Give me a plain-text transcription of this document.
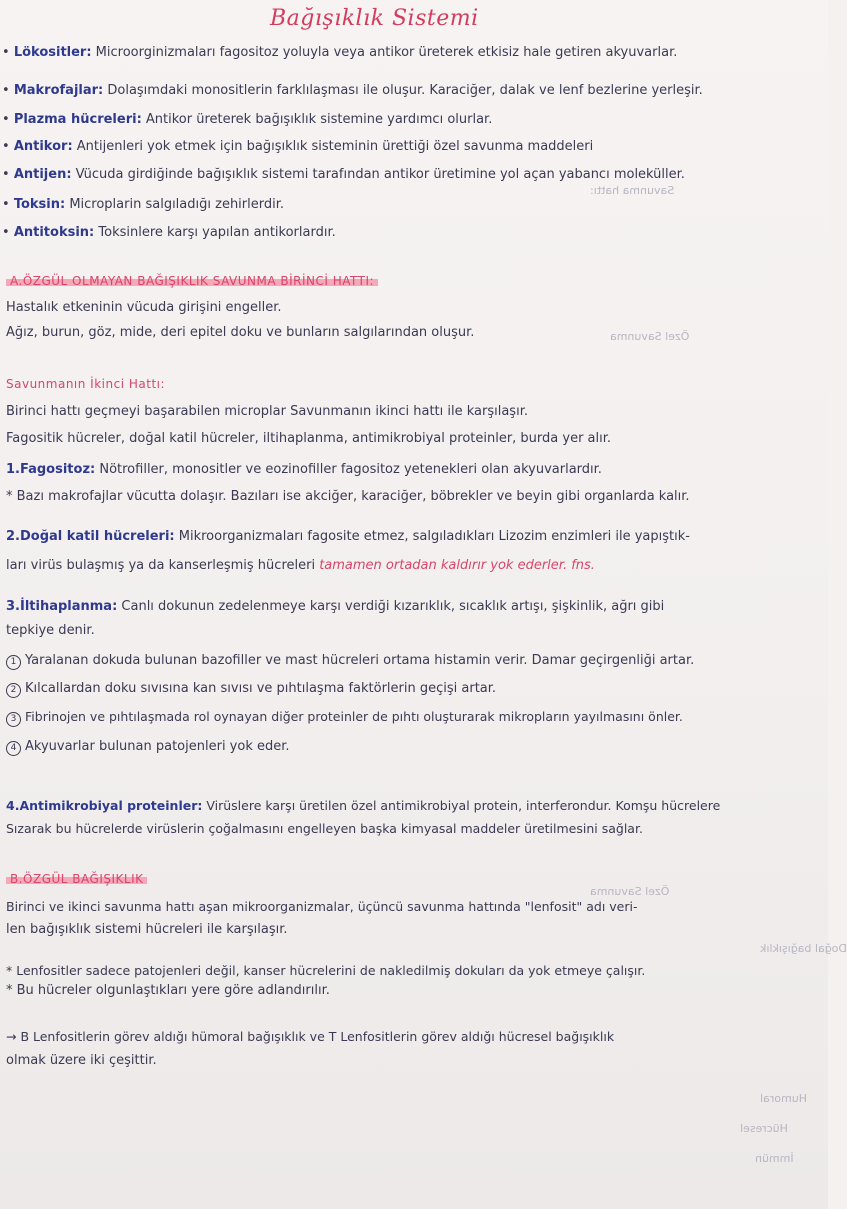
Bağışıklık Sistemi
• Lökositler: Microorginizmaları fagositoz yoluyla veya antikor üreterek etkisiz hale getiren akyuvarlar.
• Makrofajlar: Dolaşımdaki monositlerin farklılaşması ile oluşur. Karaciğer, dalak ve lenf bezlerine yerleşir.
• Plazma hücreleri: Antikor üreterek bağışıklık sistemine yardımcı olurlar.
• Antikor: Antijenleri yok etmek için bağışıklık sisteminin ürettiği özel savunma maddeleri
• Antijen: Vücuda girdiğinde bağışıklık sistemi tarafından antikor üretimine yol açan yabancı moleküller.
• Toksin: Microplarin salgıladığı zehirlerdir.
• Antitoksin: Toksinlere karşı yapılan antikorlardır.
A.ÖZGÜL OLMAYAN BAĞIŞIKLIK SAVUNMA BİRİNCİ HATTI:
Hastalık etkeninin vücuda girişini engeller.
Ağız, burun, göz, mide, deri epitel doku ve bunların salgılarından oluşur.
Savunmanın İkinci Hattı:
Birinci hattı geçmeyi başarabilen microplar Savunmanın ikinci hattı ile karşılaşır.
Fagositik hücreler, doğal katil hücreler, iltihaplanma, antimikrobiyal proteinler, burda yer alır.
1.Fagositoz: Nötrofiller, monositler ve eozinofiller fagositoz yetenekleri olan akyuvarlardır.
* Bazı makrofajlar vücutta dolaşır. Bazıları ise akciğer, karaciğer, böbrekler ve beyin gibi organlarda kalır.
2.Doğal katil hücreleri: Mikroorganizmaları fagosite etmez, salgıladıkları Lizozim enzimleri ile yapıştık-
ları virüs bulaşmış ya da kanserleşmiş hücreleri tamamen ortadan kaldırır yok ederler. fns.
3.İltihaplanma: Canlı dokunun zedelenmeye karşı verdiği kızarıklık, sıcaklık artışı, şişkinlik, ağrı gibi
tepkiye denir.
1 Yaralanan dokuda bulunan bazofiller ve mast hücreleri ortama histamin verir. Damar geçirgenliği artar.
2 Kılcallardan doku sıvısına kan sıvısı ve pıhtılaşma faktörlerin geçişi artar.
3 Fibrinojen ve pıhtılaşmada rol oynayan diğer proteinler de pıhtı oluşturarak mikropların yayılmasını önler.
4 Akyuvarlar bulunan patojenleri yok eder.
4.Antimikrobiyal proteinler: Virüslere karşı üretilen özel antimikrobiyal protein, interferondur. Komşu hücrelere
Sızarak bu hücrelerde virüslerin çoğalmasını engelleyen başka kimyasal maddeler üretilmesini sağlar.
B.ÖZGÜL BAĞIŞIKLIK
Birinci ve ikinci savunma hattı aşan mikroorganizmalar, üçüncü savunma hattında "lenfosit" adı veri-
len bağışıklık sistemi hücreleri ile karşılaşır.
* Lenfositler sadece patojenleri değil, kanser hücrelerini de nakledilmiş dokuları da yok etmeye çalışır.
* Bu hücreler olgunlaştıkları yere göre adlandırılır.
→ B Lenfositlerin görev aldığı hümoral bağışıklık ve T Lenfositlerin görev aldığı hücresel bağışıklık
olmak üzere iki çeşittir.
Savunma hattı:
Özel Savunma
Özel Savunma
Doğal bağışıklık
Humoral
Hücresel
İmmün
